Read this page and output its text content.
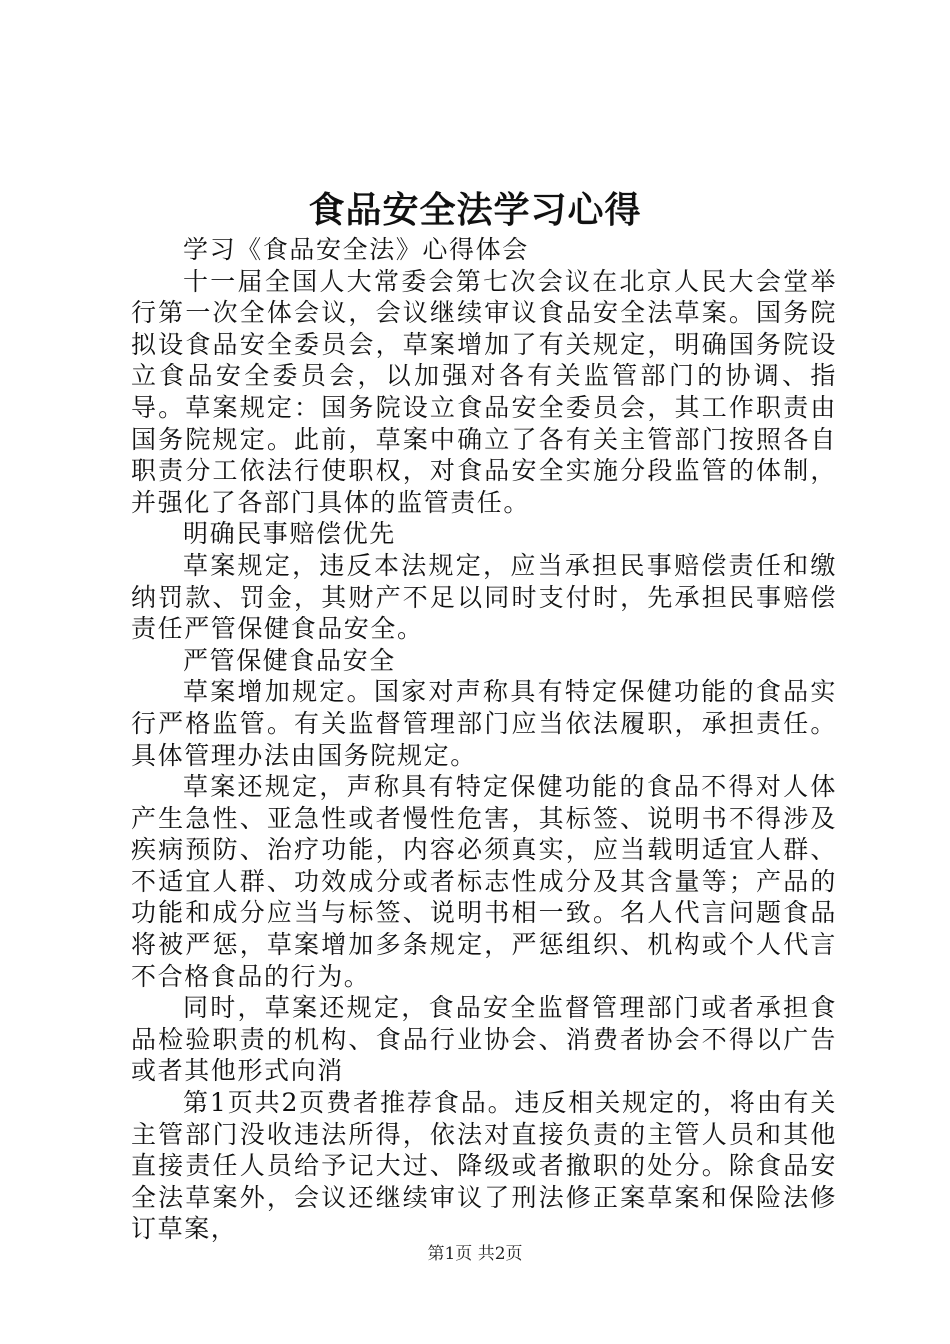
食品安全法学习心得

学习《食品安全法》心得体会

十一届全国人大常委会第七次会议在北京人民大会堂举行第一次全体会议，会议继续审议食品安全法草案。国务院拟设食品安全委员会，草案增加了有关规定，明确国务院设立食品安全委员会，以加强对各有关监管部门的协调、指导。草案规定：国务院设立食品安全委员会，其工作职责由国务院规定。此前，草案中确立了各有关主管部门按照各自职责分工依法行使职权，对食品安全实施分段监管的体制，并强化了各部门具体的监管责任。

明确民事赔偿优先

草案规定，违反本法规定，应当承担民事赔偿责任和缴纳罚款、罚金，其财产不足以同时支付时，先承担民事赔偿责任严管保健食品安全。

严管保健食品安全

草案增加规定。国家对声称具有特定保健功能的食品实行严格监管。有关监督管理部门应当依法履职，承担责任。具体管理办法由国务院规定。

草案还规定，声称具有特定保健功能的食品不得对人体产生急性、亚急性或者慢性危害，其标签、说明书不得涉及疾病预防、治疗功能，内容必须真实，应当载明适宜人群、不适宜人群、功效成分或者标志性成分及其含量等；产品的功能和成分应当与标签、说明书相一致。名人代言问题食品将被严惩，草案增加多条规定，严惩组织、机构或个人代言不合格食品的行为。

同时，草案还规定，食品安全监督管理部门或者承担食品检验职责的机构、食品行业协会、消费者协会不得以广告或者其他形式向消

第1页共2页费者推荐食品。违反相关规定的，将由有关主管部门没收违法所得，依法对直接负责的主管人员和其他直接责任人员给予记大过、降级或者撤职的处分。除食品安全法草案外，会议还继续审议了刑法修正案草案和保险法修订草案，

第1页 共2页
